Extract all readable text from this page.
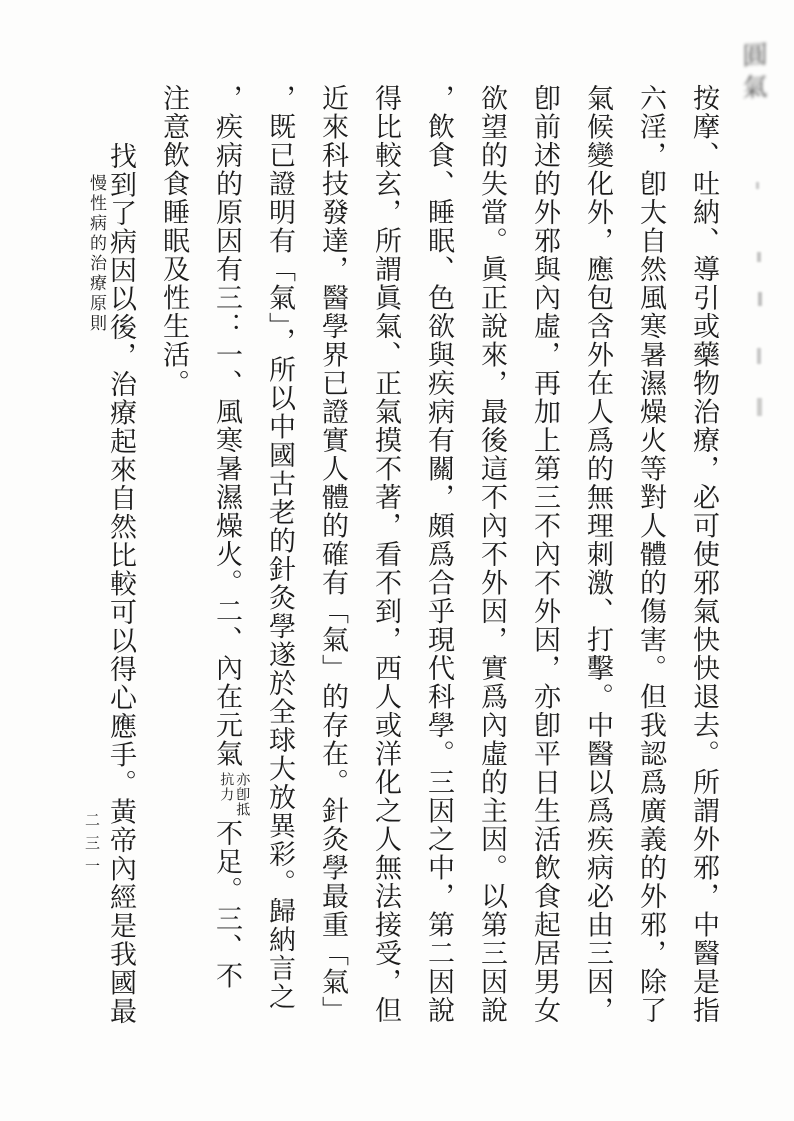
圓氣
慢性病的治療原則	按摩、吐納、導引或藥物治療，必可使邪氣快快退去。所謂外邪，中醫是指
六淫，卽大自然風寒暑濕燥火等對人體的傷害。但我認爲廣義的外邪，除了
氣候變化外，應包含外在人爲的無理刺激、打擊。中醫以爲疾病必由三因，
卽前述的外邪與內虛，再加上第三不內不外因，亦卽平日生活飲食起居男女
欲望的失當。眞正說來，最後這不內不外因，實爲內虛的主因。以第三因說
，飲食、睡眠、色欲與疾病有關，頗爲合乎現代科學。三因之中，第二因說
得比較玄，所謂眞氣、正氣摸不著，看不到，西人或洋化之人無法接受，但
近來科技發達，醫學界已證實人體的確有「氣」的存在。針灸學最重「氣」
，既已證明有「氣」，所以中國古老的針灸學遂於全球大放異彩。歸納言之
，疾病的原因有三：一、風寒暑濕燥火。二、內在元氣
亦卽抵
抗力
不足。三、不
注意飲食睡眠及性生活。
找到了病因以後，治療起來自然比較可以得心應手。黃帝內經是我國最
二三一
